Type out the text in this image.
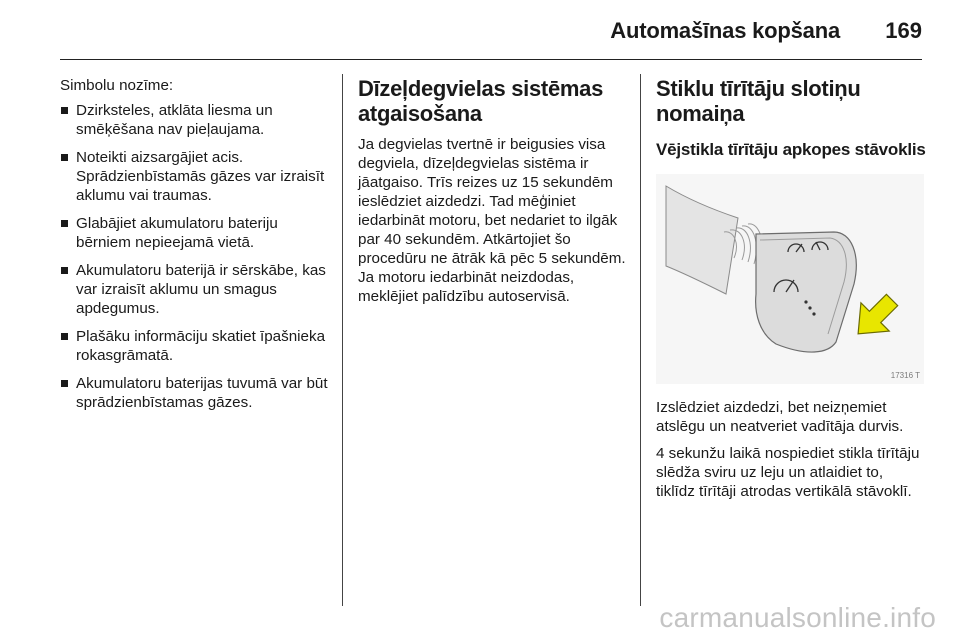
Automašīnas kopšana 169

Simbolu nozīme:

Dzirksteles, atklāta liesma un smēķēšana nav pieļaujama.
Noteikti aizsargājiet acis. Sprādzienbīstamās gāzes var izraisīt aklumu vai traumas.
Glabājiet akumulatoru bateriju bērniem nepieejamā vietā.
Akumulatoru baterijā ir sērskābe, kas var izraisīt aklumu un smagus apdegumus.
Plašāku informāciju skatiet īpašnieka rokasgrāmatā.
Akumulatoru baterijas tuvumā var būt sprādzienbīstamas gāzes.
Dīzeļdegvielas sistēmas atgaisošana

Ja degvielas tvertnē ir beigusies visa degviela, dīzeļdegvielas sistēma ir jāatgaiso. Trīs reizes uz 15 sekundēm ieslēdziet aizdedzi. Tad mēģiniet iedarbināt motoru, bet nedariet to ilgāk par 40 sekundēm. Atkārtojiet šo procedūru ne ātrāk kā pēc 5 sekundēm. Ja motoru iedarbināt neizdodas, meklējiet palīdzību autoservisā.

Stiklu tīrītāju slotiņu nomaiņa
Vējstikla tīrītāju apkopes stāvoklis
17316 T

Izslēdziet aizdedzi, bet neizņemiet atslēgu un neatveriet vadītāja durvis.

4 sekunžu laikā nospiediet stikla tīrītāju slēdža sviru uz leju un atlaidiet to, tiklīdz tīrītāji atrodas vertikālā stāvoklī.

carmanualsonline.info
